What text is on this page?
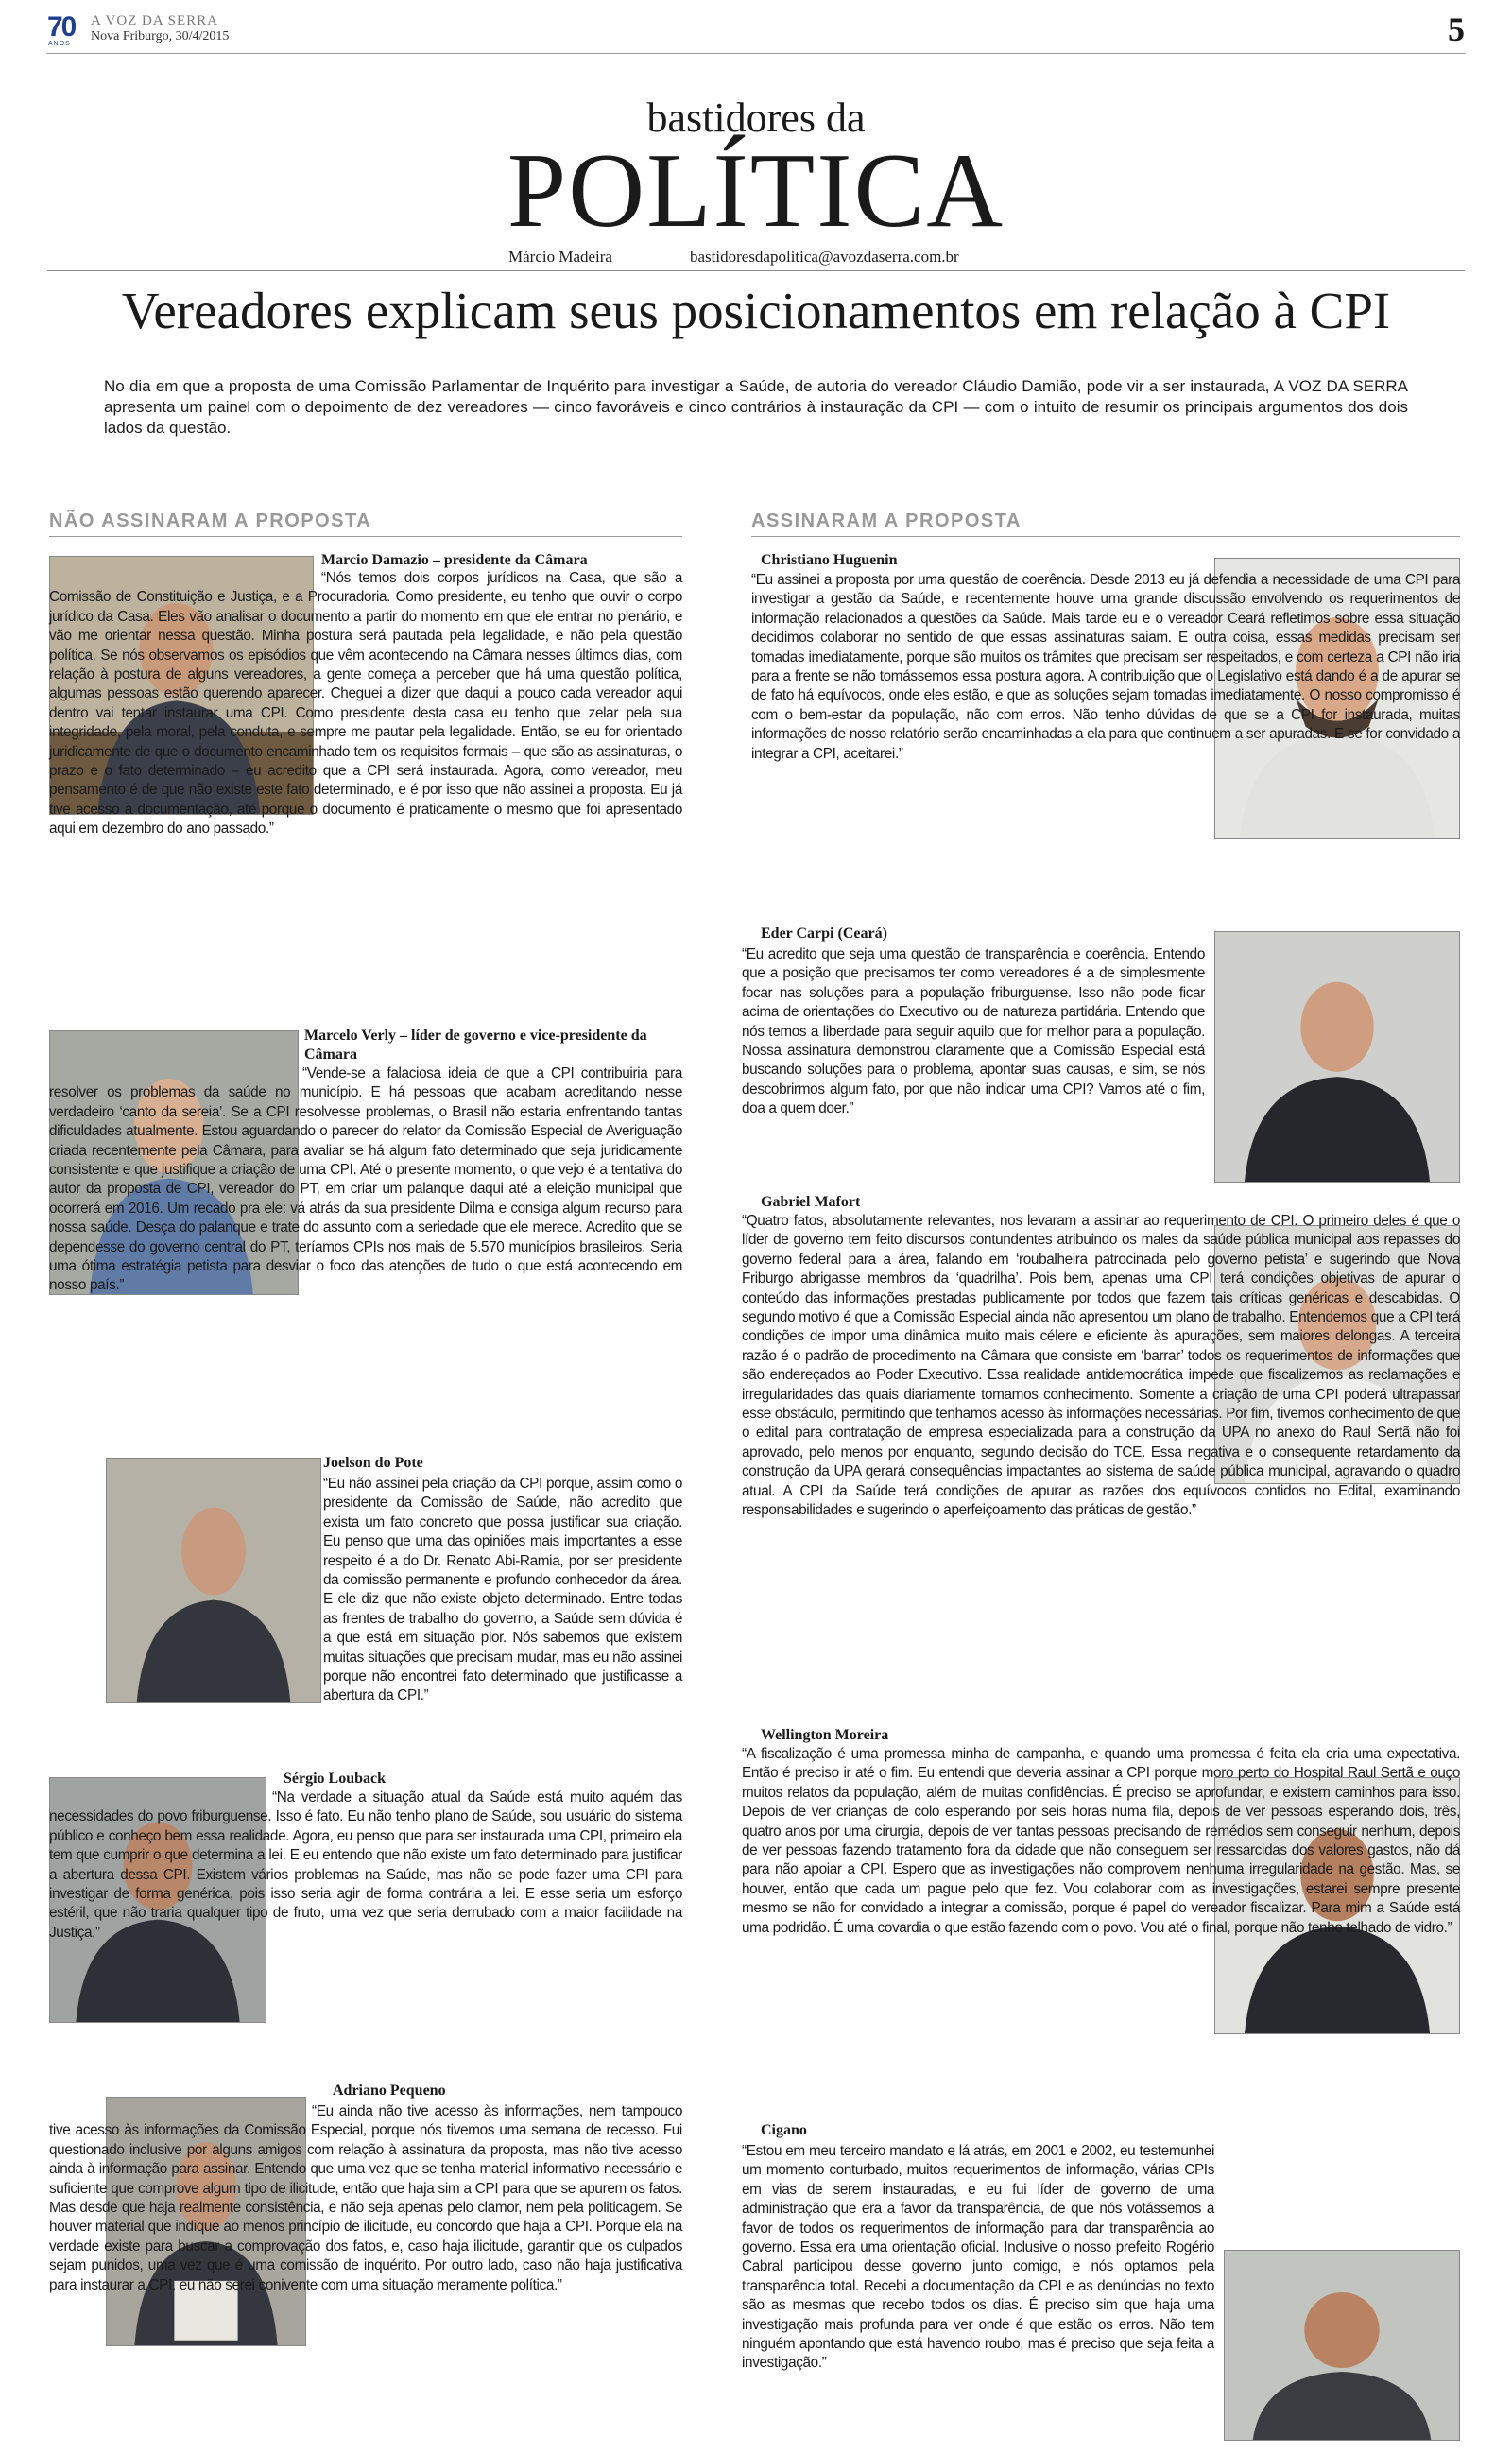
70
ANOS
A VOZ DA SERRA
Nova Friburgo, 30/4/2015	5
bastidores da
POLÍTICA
Márcio Madeira	bastidoresdapolitica@avozdaserra.com.br
Vereadores explicam seus posicionamentos em relação à CPI
No dia em que a proposta de uma Comissão Parlamentar de Inquérito para investigar a Saúde, de autoria do vereador Cláudio Damião, pode vir a ser instaurada, A VOZ DA SERRA apresenta um painel com o depoimento de dez vereadores — cinco favoráveis e cinco contrários à instauração da CPI — com o intuito de resumir os principais argumentos dos dois lados da questão.
NÃO ASSINARAM A PROPOSTA	ASSINARAM A PROPOSTA
Marcio Damazio – presidente da Câmara
“Nós temos dois corpos jurídicos na Casa, que são a Comissão de Constituição e Justiça, e a Procuradoria. Como presidente, eu tenho que ouvir o corpo jurídico da Casa. Eles vão analisar o documento a partir do momento em que ele entrar no plenário, e vão me orientar nessa questão. Minha postura será pautada pela legalidade, e não pela questão política. Se nós observamos os episódios que vêm acontecendo na Câmara nesses últimos dias, com relação à postura de alguns vereadores, a gente começa a perceber que há uma questão política, algumas pessoas estão querendo aparecer. Cheguei a dizer que daqui a pouco cada vereador aqui dentro vai tentar instaurar uma CPI. Como presidente desta casa eu tenho que zelar pela sua integridade, pela moral, pela conduta, e sempre me pautar pela legalidade. Então, se eu for orientado juridicamente de que o documento encaminhado tem os requisitos formais – que são as assinaturas, o prazo e o fato determinado – eu acredito que a CPI será instaurada. Agora, como vereador, meu pensamento é de que não existe este fato determinado, e é por isso que não assinei a proposta. Eu já tive acesso à documentação, até porque o documento é praticamente o mesmo que foi apresentado aqui em dezembro do ano passado.”
Marcelo Verly – líder de governo e vice-presidente da Câmara
“Vende-se a falaciosa ideia de que a CPI contribuiria para resolver os problemas da saúde no município. E há pessoas que acabam acreditando nesse verdadeiro ‘canto da sereia’. Se a CPI resolvesse problemas, o Brasil não estaria enfrentando tantas dificuldades atualmente. Estou aguardando o parecer do relator da Comissão Especial de Averiguação criada recentemente pela Câmara, para avaliar se há algum fato determinado que seja juridicamente consistente e que justifique a criação de uma CPI. Até o presente momento, o que vejo é a tentativa do autor da proposta de CPI, vereador do PT, em criar um palanque daqui até a eleição municipal que ocorrerá em 2016. Um recado pra ele: vá atrás da sua presidente Dilma e consiga algum recurso para nossa saúde. Desça do palanque e trate do assunto com a seriedade que ele merece. Acredito que se dependesse do governo central do PT, teríamos CPIs nos mais de 5.570 municípios brasileiros. Seria uma ótima estratégia petista para desviar o foco das atenções de tudo o que está acontecendo em nosso país.”
Joelson do Pote
“Eu não assinei pela criação da CPI porque, assim como o presidente da Comissão de Saúde, não acredito que exista um fato concreto que possa justificar sua criação. Eu penso que uma das opiniões mais importantes a esse respeito é a do Dr. Renato Abi-Ramia, por ser presidente da comissão permanente e profundo conhecedor da área. E ele diz que não existe objeto determinado. Entre todas as frentes de trabalho do governo, a Saúde sem dúvida é a que está em situação pior. Nós sabemos que existem muitas situações que precisam mudar, mas eu não assinei porque não encontrei fato determinado que justificasse a abertura da CPI.”
Sérgio Louback
“Na verdade a situação atual da Saúde está muito aquém das necessidades do povo friburguense. Isso é fato. Eu não tenho plano de Saúde, sou usuário do sistema público e conheço bem essa realidade. Agora, eu penso que para ser instaurada uma CPI, primeiro ela tem que cumprir o que determina a lei. E eu entendo que não existe um fato determinado para justificar a abertura dessa CPI. Existem vários problemas na Saúde, mas não se pode fazer uma CPI para investigar de forma genérica, pois isso seria agir de forma contrária a lei. E esse seria um esforço estéril, que não traria qualquer tipo de fruto, uma vez que seria derrubado com a maior facilidade na Justiça.”
Adriano Pequeno
“Eu ainda não tive acesso às informações, nem tampouco tive acesso às informações da Comissão Especial, porque nós tivemos uma semana de recesso. Fui questionado inclusive por alguns amigos com relação à assinatura da proposta, mas não tive acesso ainda à informação para assinar. Entendo que uma vez que se tenha material informativo necessário e suficiente que comprove algum tipo de ilicitude, então que haja sim a CPI para que se apurem os fatos. Mas desde que haja realmente consistência, e não seja apenas pelo clamor, nem pela politicagem. Se houver material que indique ao menos princípio de ilicitude, eu concordo que haja a CPI. Porque ela na verdade existe para buscar a comprovação dos fatos, e, caso haja ilicitude, garantir que os culpados sejam punidos, uma vez que é uma comissão de inquérito. Por outro lado, caso não haja justificativa para instaurar a CPI, eu não serei conivente com uma situação meramente política.”
Christiano Huguenin
“Eu assinei a proposta por uma questão de coerência. Desde 2013 eu já defendia a necessidade de uma CPI para investigar a gestão da Saúde, e recentemente houve uma grande discussão envolvendo os requerimentos de informação relacionados a questões da Saúde. Mais tarde eu e o vereador Ceará refletimos sobre essa situação decidimos colaborar no sentido de que essas assinaturas saiam. E outra coisa, essas medidas precisam ser tomadas imediatamente, porque são muitos os trâmites que precisam ser respeitados, e com certeza a CPI não iria para a frente se não tomássemos essa postura agora. A contribuição que o Legislativo está dando é a de apurar se de fato há equívocos, onde eles estão, e que as soluções sejam tomadas imediatamente. O nosso compromisso é com o bem-estar da população, não com erros. Não tenho dúvidas de que se a CPI for instaurada, muitas informações de nosso relatório serão encaminhadas a ela para que continuem a ser apuradas. E se for convidado a integrar a CPI, aceitarei.”
Eder Carpi (Ceará)
“Eu acredito que seja uma questão de transparência e coerência. Entendo que a posição que precisamos ter como vereadores é a de simplesmente focar nas soluções para a população friburguense. Isso não pode ficar acima de orientações do Executivo ou de natureza partidária. Entendo que nós temos a liberdade para seguir aquilo que for melhor para a população. Nossa assinatura demonstrou claramente que a Comissão Especial está buscando soluções para o problema, apontar suas causas, e sim, se nós descobrirmos algum fato, por que não indicar uma CPI? Vamos até o fim, doa a quem doer.”
Gabriel Mafort
“Quatro fatos, absolutamente relevantes, nos levaram a assinar ao requerimento de CPI. O primeiro deles é que o líder de governo tem feito discursos contundentes atribuindo os males da saúde pública municipal aos repasses do governo federal para a área, falando em ‘roubalheira patrocinada pelo governo petista’ e sugerindo que Nova Friburgo abrigasse membros da ‘quadrilha’. Pois bem, apenas uma CPI terá condições objetivas de apurar o conteúdo das informações prestadas publicamente por todos que fazem tais críticas genéricas e descabidas. O segundo motivo é que a Comissão Especial ainda não apresentou um plano de trabalho. Entendemos que a CPI terá condições de impor uma dinâmica muito mais célere e eficiente às apurações, sem maiores delongas. A terceira razão é o padrão de procedimento na Câmara que consiste em ‘barrar’ todos os requerimentos de informações que são endereçados ao Poder Executivo. Essa realidade antidemocrática impede que fiscalizemos as reclamações e irregularidades das quais diariamente tomamos conhecimento. Somente a criação de uma CPI poderá ultrapassar esse obstáculo, permitindo que tenhamos acesso às informações necessárias. Por fim, tivemos conhecimento de que o edital para contratação de empresa especializada para a construção da UPA no anexo do Raul Sertã não foi aprovado, pelo menos por enquanto, segundo decisão do TCE. Essa negativa e o consequente retardamento da construção da UPA gerará consequências impactantes ao sistema de saúde pública municipal, agravando o quadro atual. A CPI da Saúde terá condições de apurar as razões dos equívocos contidos no Edital, examinando responsabilidades e sugerindo o aperfeiçoamento das práticas de gestão.”
Wellington Moreira
“A fiscalização é uma promessa minha de campanha, e quando uma promessa é feita ela cria uma expectativa. Então é preciso ir até o fim. Eu entendi que deveria assinar a CPI porque moro perto do Hospital Raul Sertã e ouço muitos relatos da população, além de muitas confidências. É preciso se aprofundar, e existem caminhos para isso. Depois de ver crianças de colo esperando por seis horas numa fila, depois de ver pessoas esperando dois, três, quatro anos por uma cirurgia, depois de ver tantas pessoas precisando de remédios sem conseguir nenhum, depois de ver pessoas fazendo tratamento fora da cidade que não conseguem ser ressarcidas dos valores gastos, não dá para não apoiar a CPI. Espero que as investigações não comprovem nenhuma irregularidade na gestão. Mas, se houver, então que cada um pague pelo que fez. Vou colaborar com as investigações, estarei sempre presente mesmo se não for convidado a integrar a comissão, porque é papel do vereador fiscalizar. Para mim a Saúde está uma podridão. É uma covardia o que estão fazendo com o povo. Vou até o final, porque não tenho telhado de vidro.”
Cigano
“Estou em meu terceiro mandato e lá atrás, em 2001 e 2002, eu testemunhei um momento conturbado, muitos requerimentos de informação, várias CPIs em vias de serem instauradas, e eu fui líder de governo de uma administração que era a favor da transparência, de que nós votássemos a favor de todos os requerimentos de informação para dar transparência ao governo. Essa era uma orientação oficial. Inclusive o nosso prefeito Rogério Cabral participou desse governo junto comigo, e nós optamos pela transparência total. Recebi a documentação da CPI e as denúncias no texto são as mesmas que recebo todos os dias. É preciso sim que haja uma investigação mais profunda para ver onde é que estão os erros. Não tem ninguém apontando que está havendo roubo, mas é preciso que seja feita a investigação.”
